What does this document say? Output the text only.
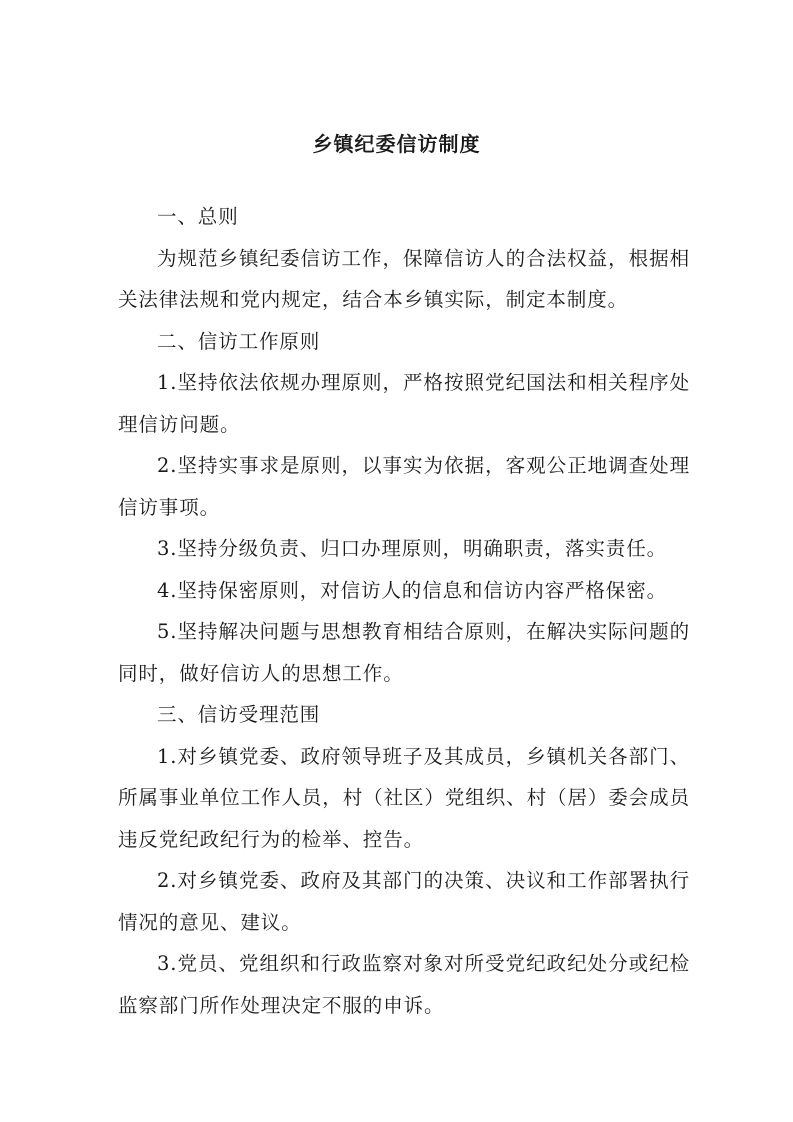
乡镇纪委信访制度

一、总则

为规范乡镇纪委信访工作，保障信访人的合法权益，根据相关法律法规和党内规定，结合本乡镇实际，制定本制度。

二、信访工作原则

1.坚持依法依规办理原则，严格按照党纪国法和相关程序处理信访问题。

2.坚持实事求是原则，以事实为依据，客观公正地调查处理信访事项。

3.坚持分级负责、归口办理原则，明确职责，落实责任。

4.坚持保密原则，对信访人的信息和信访内容严格保密。

5.坚持解决问题与思想教育相结合原则，在解决实际问题的同时，做好信访人的思想工作。

三、信访受理范围

1.对乡镇党委、政府领导班子及其成员，乡镇机关各部门、所属事业单位工作人员，村（社区）党组织、村（居）委会成员违反党纪政纪行为的检举、控告。

2.对乡镇党委、政府及其部门的决策、决议和工作部署执行情况的意见、建议。

3.党员、党组织和行政监察对象对所受党纪政纪处分或纪检监察部门所作处理决定不服的申诉。
